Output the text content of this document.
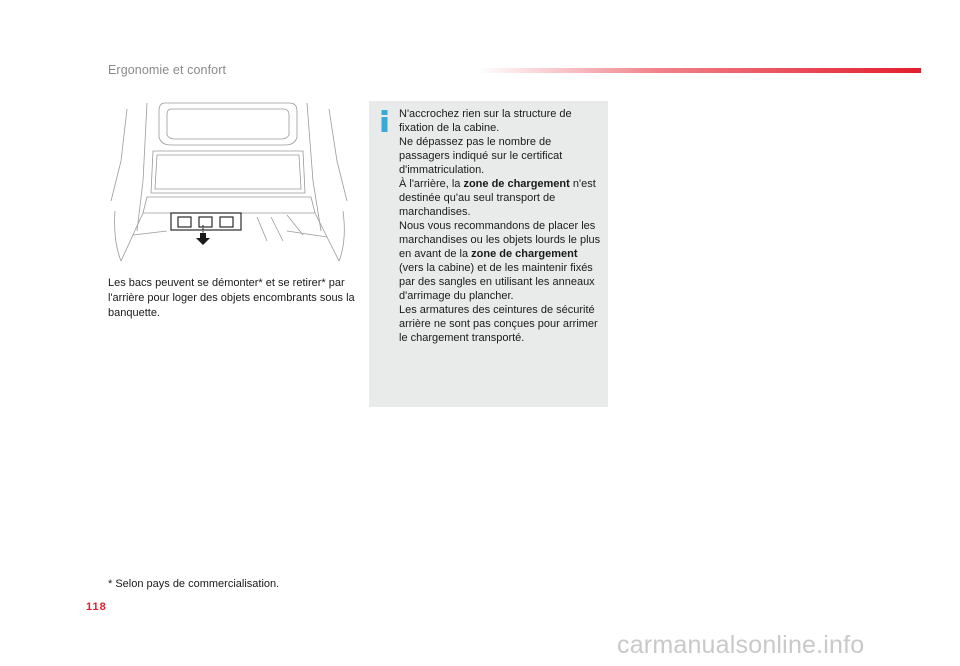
Ergonomie et confort
Les bacs peuvent se démonter* et se retirer* par l'arrière pour loger des objets encombrants sous la banquette.
N'accrochez rien sur la structure de fixation de la cabine.
Ne dépassez pas le nombre de passagers indiqué sur le certificat d'immatriculation.
À l'arrière, la zone de chargement n'est destinée qu'au seul transport de marchandises.
Nous vous recommandons de placer les marchandises ou les objets lourds le plus en avant de la zone de chargement (vers la cabine) et de les maintenir fixés par des sangles en utilisant les anneaux d'arrimage du plancher.
Les armatures des ceintures de sécurité arrière ne sont pas conçues pour arrimer le chargement transporté.
* Selon pays de commercialisation.
118
carmanualsonline.info
